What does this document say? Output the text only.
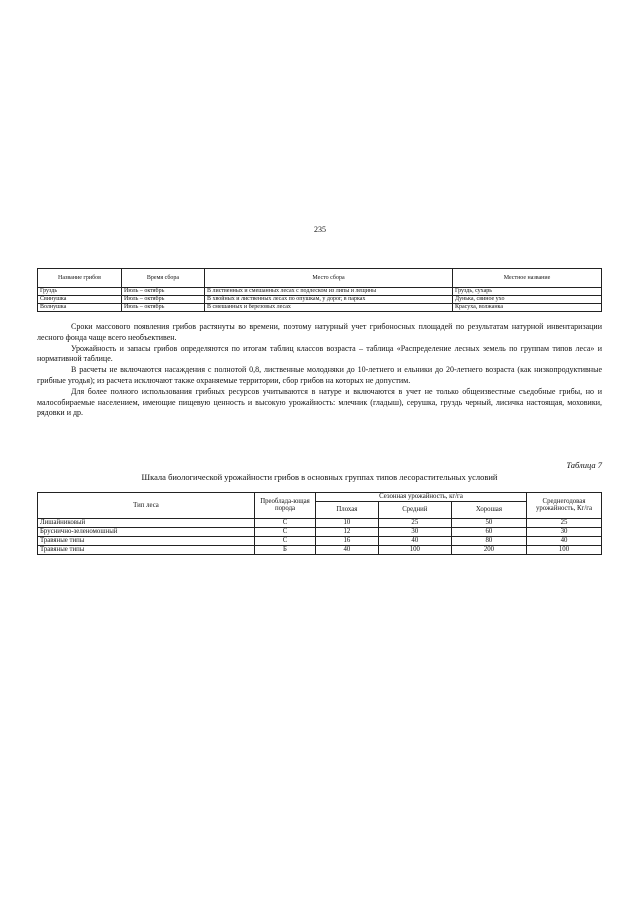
235
Название грибов	Время сбора	Место сбора	Местное название
Груздь	Июль – октябрь	В лиственных и смешанных лесах с подлеском из липы и лещины	Груздь, сухарь
Свинушка	Июль – октябрь	В хвойных и лиственных лесах по опушкам, у дорог, в парках	Дунька, свиное ухо
Волнушка	Июль – октябрь	В смешанных и березовых лесах	Красуха, волжанка

Сроки массового появления грибов растянуты во времени, поэтому натурный учет грибоносных площадей по результатам натурной инвентаризации лесного фонда чаще всего необъективен.

Урожайность и запасы грибов определяются по итогам таблиц классов возраста – таблица «Распределение лесных земель по группам типов леса» и нормативной таблице.

В расчеты не включаются насаждения с полнотой 0,8, лиственные молодняки до 10-летнего и ельники до 20-летнего возраста (как низкопродуктивные грибные угодья); из расчета исключают также охраняемые территории, сбор грибов на которых не допустим.

Для более полного использования грибных ресурсов учитываются в натуре и включаются в учет не только общеизвестные съедобные грибы, но и малособираемые населением, имеющие пищевую ценность и высокую урожайность: млечник (гладыш), серушка, груздь черный, лисичка настоящая, моховики, рядовки и др.

Таблица 7
Шкала биологической урожайности грибов в основных группах типов лесорастительных условий
Тип леса	Преоблада-ющая порода	Сезонная урожайность, кг/га			Среднегодовая урожайность, Кг/га
		Плохая	Средний	Хорошая	
Лишайниковый	С	10	25	50	25
Брусничнo-зеленомошный	С	12	30	60	30
Травяные типы	С	16	40	80	40
Травяные типы	Б	40	100	200	100
